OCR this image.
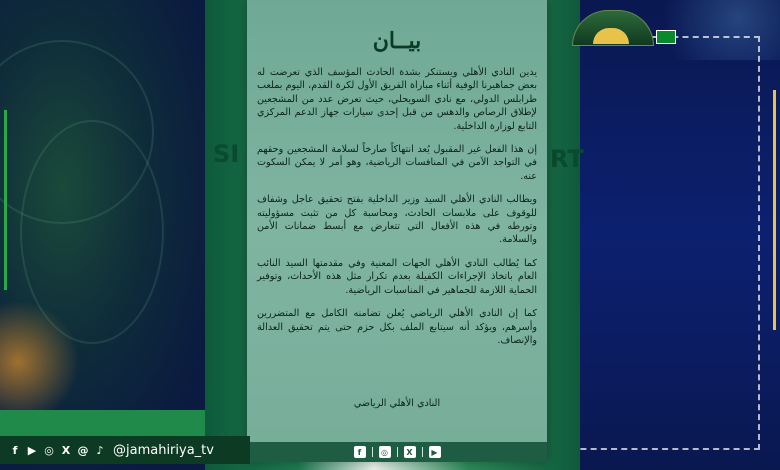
SI	RT
بيــان

يدين النادي الأهلي ويستنكر بشدة الحادث المؤسف الذي تعرضت له بعض جماهيرنا الوفية أثناء مباراة الفريق الأول لكرة القدم، اليوم بملعب طرابلس الدولي، مع نادي السويحلي، حيث تعرض عدد من المشجعين لإطلاق الرصاص والدهس من قبل إحدى سيارات جهاز الدعم المركزي التابع لوزارة الداخلية.

إن هذا الفعل غير المقبول يُعد انتهاكاً صارخاً لسلامة المشجعين وحقهم في التواجد الآمن في المنافسات الرياضية، وهو أمر لا يمكن السكوت عنه.

ويطالب النادي الأهلي السيد وزير الداخلية بفتح تحقيق عاجل وشفاف للوقوف على ملابسات الحادث، ومحاسبة كل من تثبت مسؤوليته وتورطه في هذه الأفعال التي تتعارض مع أبسط ضمانات الأمن والسلامة.

كما يُطالب النادي الأهلي الجهات المعنية وفي مقدمتها السيد النائب العام باتخاذ الإجراءات الكفيلة بعدم تكرار مثل هذه الأحداث، وتوفير الحماية اللازمة للجماهير في المناسبات الرياضية.

كما إن النادي الأهلي الرياضي يُعلن تضامنه الكامل مع المتضررين وأسرهم، ويؤكد أنه سيتابع الملف بكل حزم حتى يتم تحقيق العدالة والإنصاف.

النادي الأهلي الرياضي
f	◎	X	▶
f ▶ ◎ X @ ♪ @jamahiriya_tv
